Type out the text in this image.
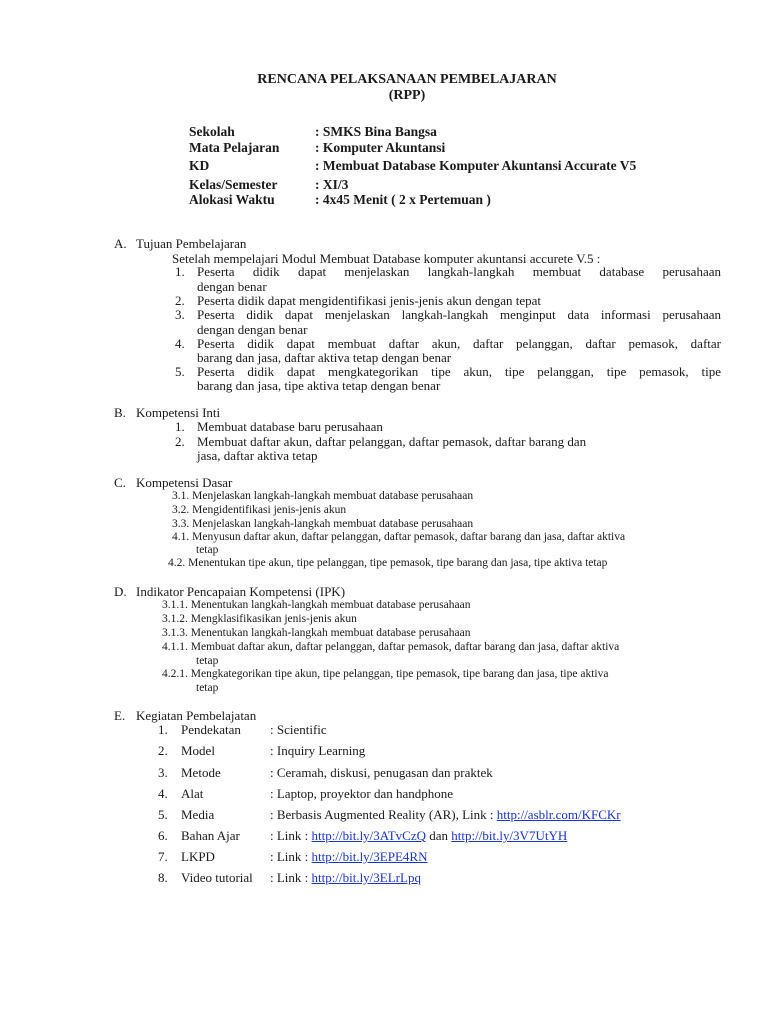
RENCANA PELAKSANAAN PEMBELAJARAN
(RPP)
Sekolah	: SMKS Bina Bangsa
Mata Pelajaran	: Komputer Akuntansi
KD	: Membuat Database Komputer Akuntansi Accurate V5
Kelas/Semester	: XI/3
Alokasi Waktu	: 4x45 Menit ( 2 x Pertemuan )
A. Tujuan Pembelajaran
Setelah mempelajari Modul Membuat Database komputer akuntansi accurete V.5 :
1. Peserta didik dapat menjelaskan langkah-langkah membuat database perusahaan
dengan benar
2. Peserta didik dapat mengidentifikasi jenis-jenis akun dengan tepat
3. Peserta didik dapat menjelaskan langkah-langkah menginput data informasi perusahaan
dengan dengan benar
4. Peserta didik dapat membuat daftar akun, daftar pelanggan, daftar pemasok, daftar
barang dan jasa, daftar aktiva tetap dengan benar
5. Peserta didik dapat mengkategorikan tipe akun, tipe pelanggan, tipe pemasok, tipe
barang dan jasa, tipe aktiva tetap dengan benar
B. Kompetensi Inti
1. Membuat database baru perusahaan
2. Membuat daftar akun, daftar pelanggan, daftar pemasok, daftar barang dan
jasa, daftar aktiva tetap
C. Kompetensi Dasar
3.1. Menjelaskan langkah-langkah membuat database perusahaan
3.2. Mengidentifikasi jenis-jenis akun
3.3. Menjelaskan langkah-langkah membuat database perusahaan
4.1. Menyusun daftar akun, daftar pelanggan, daftar pemasok, daftar barang dan jasa, daftar aktiva
tetap
4.2. Menentukan tipe akun, tipe pelanggan, tipe pemasok, tipe barang dan jasa, tipe aktiva tetap
D. Indikator Pencapaian Kompetensi (IPK)
3.1.1. Menentukan langkah-langkah membuat database perusahaan
3.1.2. Mengklasifikasikan jenis-jenis akun
3.1.3. Menentukan langkah-langkah membuat database perusahaan
4.1.1. Membuat daftar akun, daftar pelanggan, daftar pemasok, daftar barang dan jasa, daftar aktiva
tetap
4.2.1. Mengkategorikan tipe akun, tipe pelanggan, tipe pemasok, tipe barang dan jasa, tipe aktiva
tetap
E. Kegiatan Pembelajatan
1. Pendekatan : Scientific
2. Model	: Inquiry Learning
3. Metode	: Ceramah, diskusi, penugasan dan praktek
4. Alat	: Laptop, proyektor dan handphone
5. Media	: Berbasis Augmented Reality (AR), Link : http://asblr.com/KFCKr
6. Bahan Ajar : Link : http://bit.ly/3ATvCzQ dan http://bit.ly/3V7UtYH
7. LKPD	: Link : http://bit.ly/3EPE4RN
8. Video tutorial : Link : http://bit.ly/3ELrLpq
